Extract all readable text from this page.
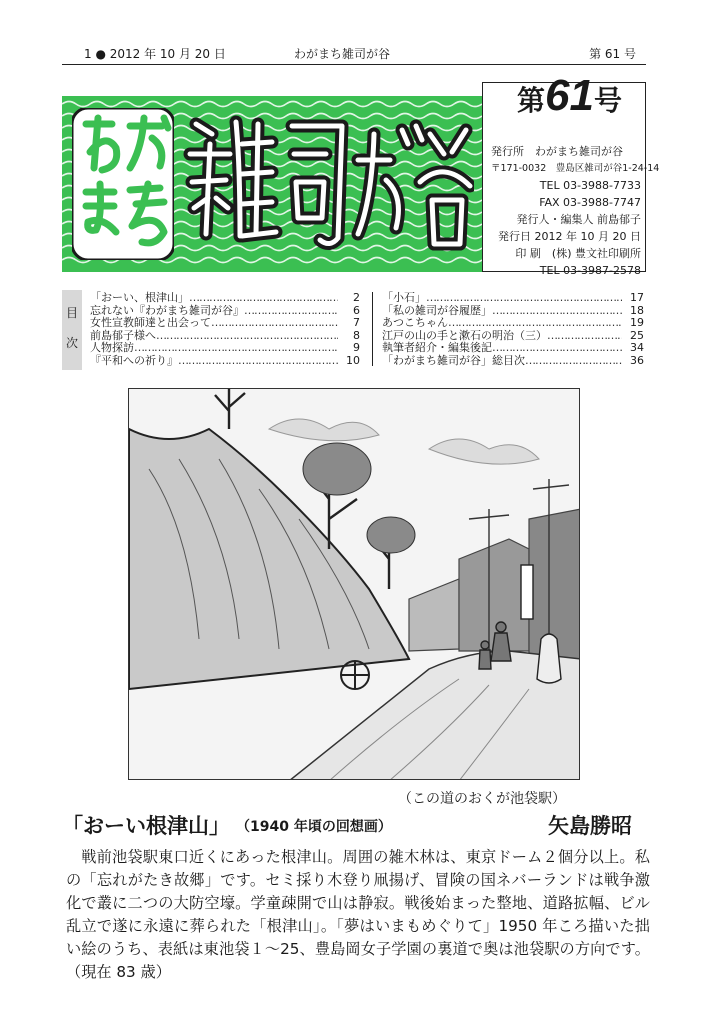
1 ● 2012 年 10 月 20 日	わがまち雑司が谷	第 61 号
第61号
発行所　わがまち雑司が谷
〒171-0032　豊島区雑司が谷1-24-14
TEL 03-3988-7733
FAX 03-3988-7747
発行人・編集人 前島郁子
発行日 2012 年 10 月 20 日
印 刷　(株) 豊文社印刷所
TEL 03-3987-2578
目
次
「おーい、根津山」 ……………………………………………………………………………………	2
忘れない『わがまち雑司が谷』 ……………………………………………………………………………………	6
女性宣教師達と出会って ……………………………………………………………………………………	7
前島郁子様へ ……………………………………………………………………………………	8
人物探訪 ……………………………………………………………………………………	9
『平和への祈り』 ……………………………………………………………………………………	10
「小石」 ……………………………………………………………………………………	17
「私の雑司が谷履歴」 ……………………………………………………………………………………	18
あつこちゃん ……………………………………………………………………………………	19
江戸の山の手と漱石の明治（三） ……………………………………………………………………………………	25
執筆者紹介・編集後記 ……………………………………………………………………………………	34
「わがまち雑司が谷」総目次 ……………………………………………………………………………………	36
（この道のおくが池袋駅）
「おーい根津山」 （1940 年頃の回想画）	矢島勝昭

戦前池袋駅東口近くにあった根津山。周囲の雑木林は、東京ドーム２個分以上。私の「忘れがたき故郷」です。セミ採り木登り凧揚げ、冒険の国ネバーランドは戦争激化で叢に二つの大防空壕。学童疎開で山は静寂。戦後始まった整地、道路拡幅、ビル乱立で遂に永遠に葬られた「根津山」。「夢はいまもめぐりて」1950 年ころ描いた拙い絵のうち、表紙は東池袋１～25、豊島岡女子学園の裏道で奥は池袋駅の方向です。（現在 83 歳）
